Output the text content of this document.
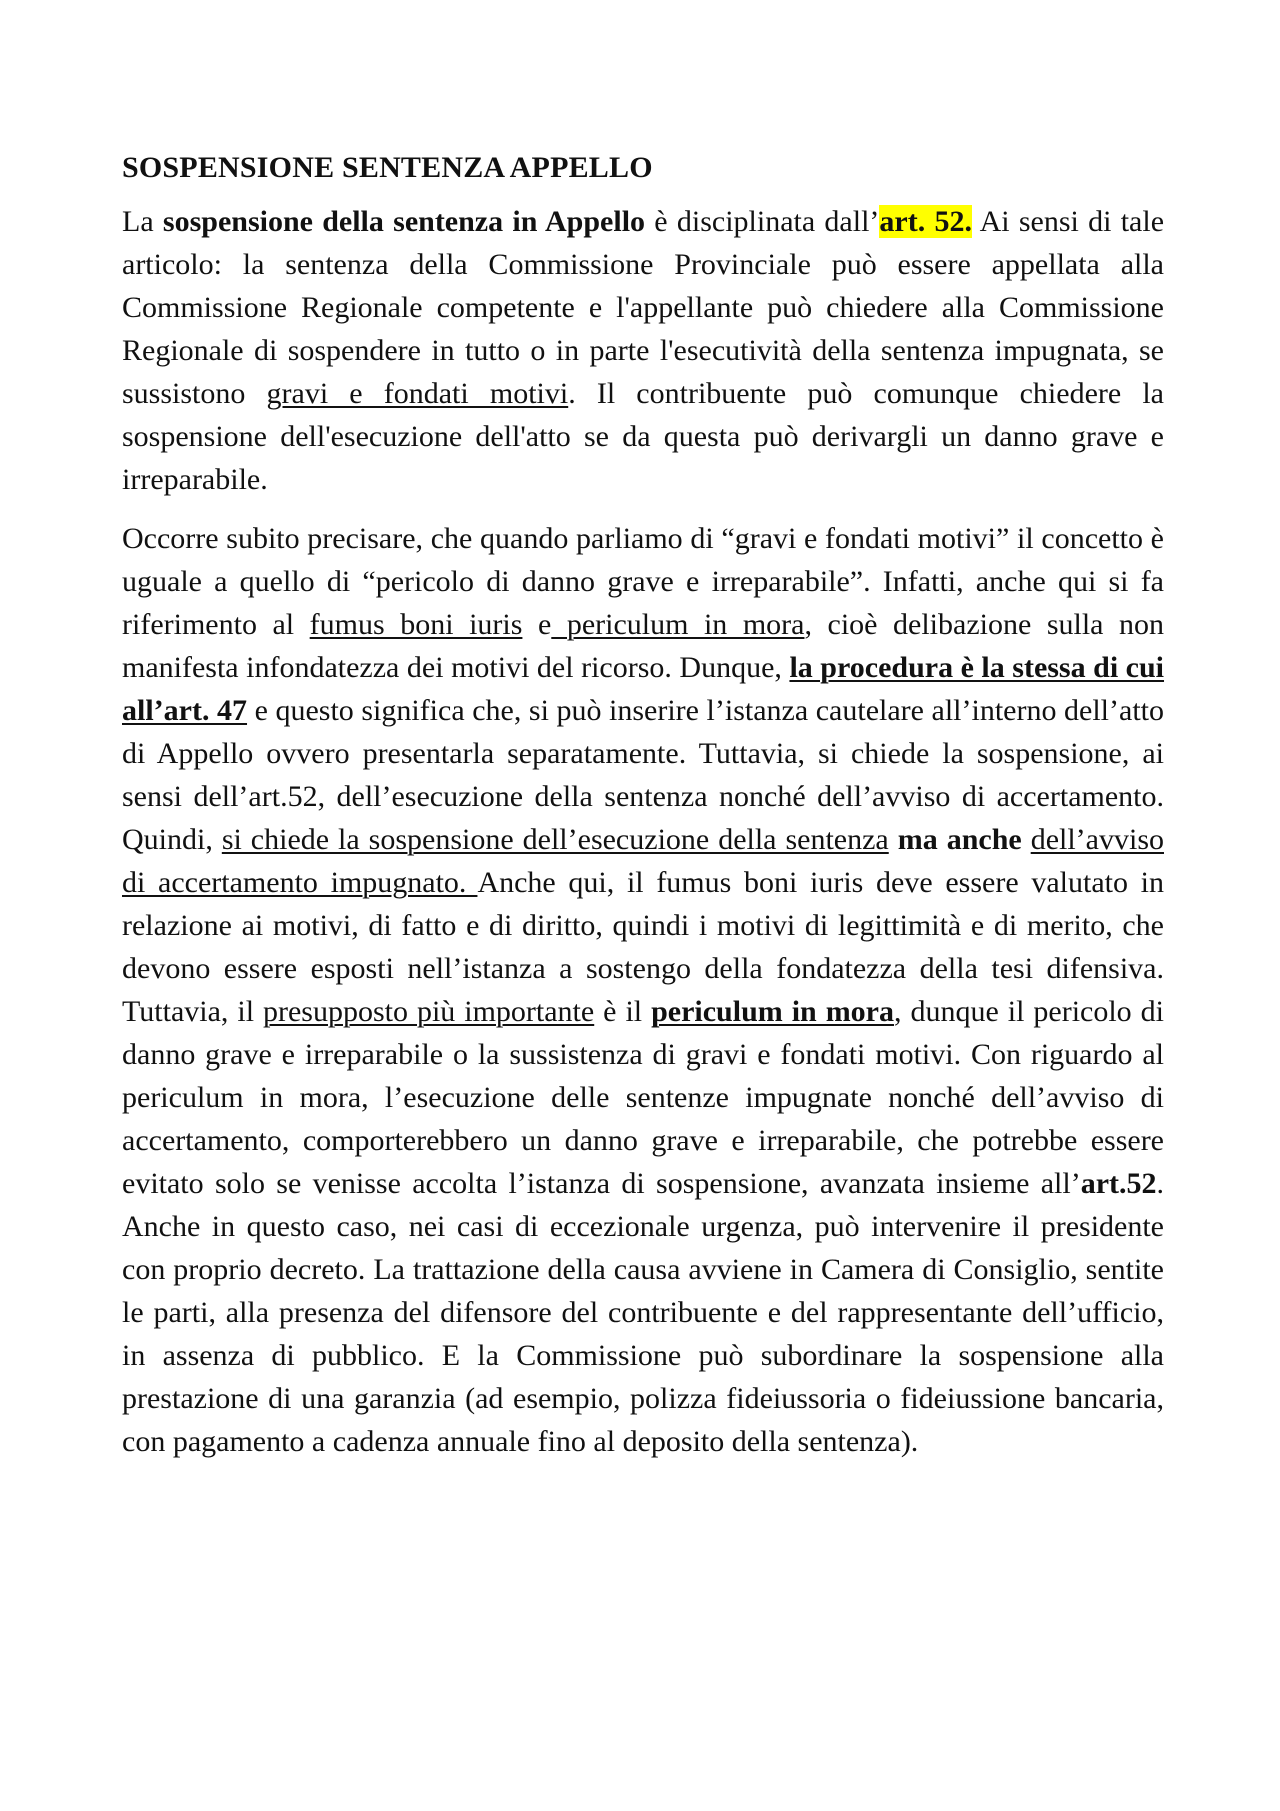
SOSPENSIONE SENTENZA APPELLO

La sospensione della sentenza in Appello è disciplinata dall’art. 52. Ai sensi di tale articolo: la sentenza della Commissione Provinciale può essere appellata alla Commissione Regionale competente e l'appellante può chiedere alla Commissione Regionale di sospendere in tutto o in parte l'esecutività della sentenza impugnata, se sussistono gravi e fondati motivi. Il contribuente può comunque chiedere la sospensione dell'esecuzione dell'atto se da questa può derivargli un danno grave e irreparabile.

Occorre subito precisare, che quando parliamo di “gravi e fondati motivi” il concetto è uguale a quello di “pericolo di danno grave e irreparabile”. Infatti, anche qui si fa riferimento al fumus boni iuris e periculum in mora, cioè delibazione sulla non manifesta infondatezza dei motivi del ricorso. Dunque, la procedura è la stessa di cui all’art. 47 e questo significa che, si può inserire l’istanza cautelare all’interno dell’atto di Appello ovvero presentarla separatamente. Tuttavia, si chiede la sospensione, ai sensi dell’art.52, dell’esecuzione della sentenza nonché dell’avviso di accertamento. Quindi, si chiede la sospensione dell’esecuzione della sentenza ma anche dell’avviso di accertamento impugnato. Anche qui, il fumus boni iuris deve essere valutato in relazione ai motivi, di fatto e di diritto, quindi i motivi di legittimità e di merito, che devono essere esposti nell’istanza a sostengo della fondatezza della tesi difensiva. Tuttavia, il presupposto più importante è il periculum in mora, dunque il pericolo di danno grave e irreparabile o la sussistenza di gravi e fondati motivi. Con riguardo al periculum in mora, l’esecuzione delle sentenze impugnate nonché dell’avviso di accertamento, comporterebbero un danno grave e irreparabile, che potrebbe essere evitato solo se venisse accolta l’istanza di sospensione, avanzata insieme all’art.52. Anche in questo caso, nei casi di eccezionale urgenza, può intervenire il presidente con proprio decreto. La trattazione della causa avviene in Camera di Consiglio, sentite le parti, alla presenza del difensore del contribuente e del rappresentante dell’ufficio, in assenza di pubblico. E la Commissione può subordinare la sospensione alla prestazione di una garanzia (ad esempio, polizza fideiussoria o fideiussione bancaria, con pagamento a cadenza annuale fino al deposito della sentenza).
